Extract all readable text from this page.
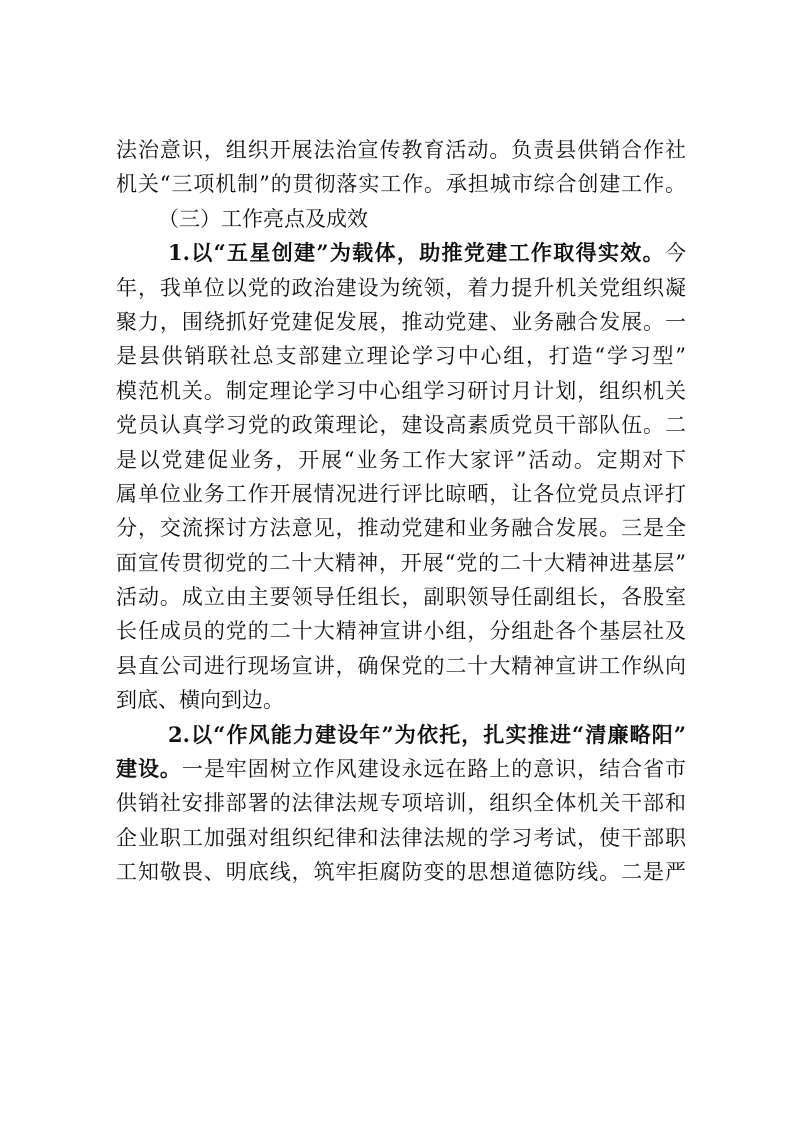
法治意识，组织开展法治宣传教育活动。负责县供销合作社
机关“三项机制”的贯彻落实工作。承担城市综合创建工作。
（三）工作亮点及成效
1.以“五星创建”为载体，助推党建工作取得实效。今
年，我单位以党的政治建设为统领，着力提升机关党组织凝
聚力，围绕抓好党建促发展，推动党建、业务融合发展。一
是县供销联社总支部建立理论学习中心组，打造“学习型”
模范机关。制定理论学习中心组学习研讨月计划，组织机关
党员认真学习党的政策理论，建设高素质党员干部队伍。二
是以党建促业务，开展“业务工作大家评”活动。定期对下
属单位业务工作开展情况进行评比晾晒，让各位党员点评打
分，交流探讨方法意见，推动党建和业务融合发展。三是全
面宣传贯彻党的二十大精神，开展“党的二十大精神进基层”
活动。成立由主要领导任组长，副职领导任副组长，各股室
长任成员的党的二十大精神宣讲小组，分组赴各个基层社及
县直公司进行现场宣讲，确保党的二十大精神宣讲工作纵向
到底、横向到边。
2.以“作风能力建设年”为依托，扎实推进“清廉略阳”
建设。一是牢固树立作风建设永远在路上的意识，结合省市
供销社安排部署的法律法规专项培训，组织全体机关干部和
企业职工加强对组织纪律和法律法规的学习考试，使干部职
工知敬畏、明底线，筑牢拒腐防变的思想道德防线。二是严
